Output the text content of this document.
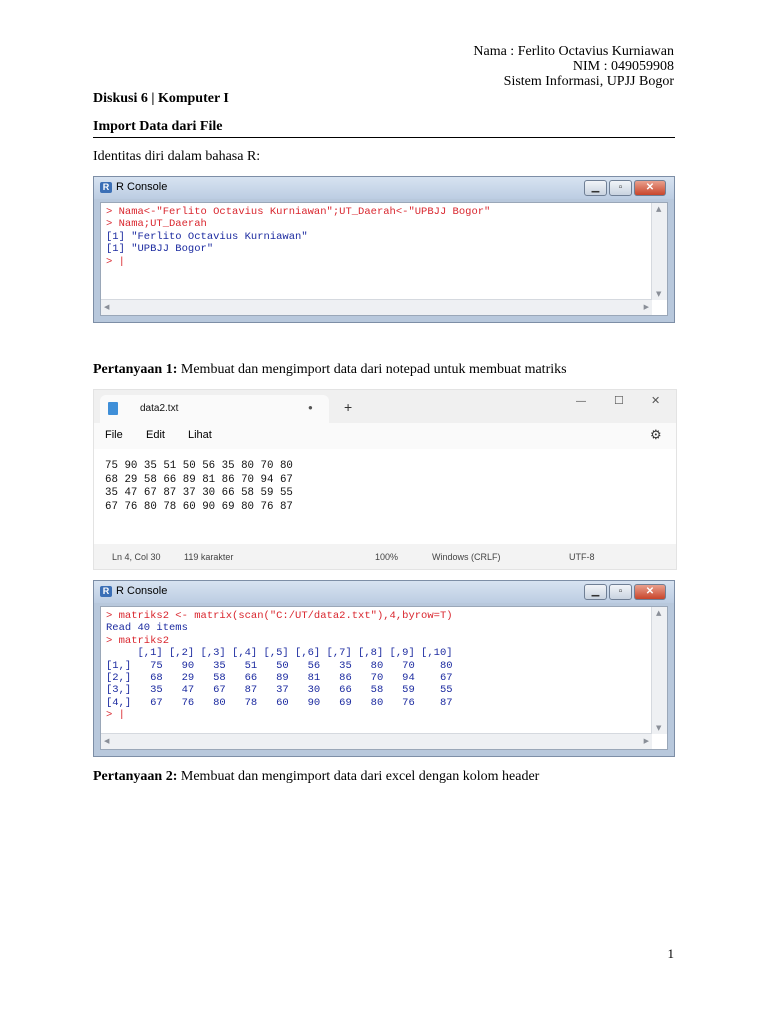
Nama : Ferlito Octavius Kurniawan
NIM : 049059908
Sistem Informasi, UPJJ Bogor
Diskusi 6 | Komputer I
Import Data dari File
Identitas diri dalam bahasa R:
R R Console	▁	▫	✕
> Nama<-"Ferlito Octavius Kurniawan";UT_Daerah<-"UPBJJ Bogor"
> Nama;UT_Daerah
[1] "Ferlito Octavius Kurniawan"
[1] "UPBJJ Bogor"
> |

▲
▼
◀	▶
Pertanyaan 1: Membuat dan mengimport data dari notepad untuk membuat matriks
data2.txt	● +	—	☐ ✕
File Edit Lihat	⚙
75 90 35 51 50 56 35 80 70 80
68 29 58 66 89 81 86 70 94 67
35 47 67 87 37 30 66 58 59 55
67 76 80 78 60 90 69 80 76 87

Ln 4, Col 30	119 karakter	100%	Windows (CRLF)	UTF-8
R R Console	▁	▫	✕
> matriks2 <- matrix(scan("C:/UT/data2.txt"),4,byrow=T)
Read 40 items
> matriks2
[,1] [,2] [,3] [,4] [,5] [,6] [,7] [,8] [,9] [,10]
[1,]   75   90   35   51   50   56   35   80   70    80
[2,]   68   29   58   66   89   81   86   70   94    67
[3,]   35   47   67   87   37   30   66   58   59    55
[4,]   67   76   80   78   60   90   69   80   76    87
> |

▲
▼
◀	▶
Pertanyaan 2: Membuat dan mengimport data dari excel dengan kolom header
1
